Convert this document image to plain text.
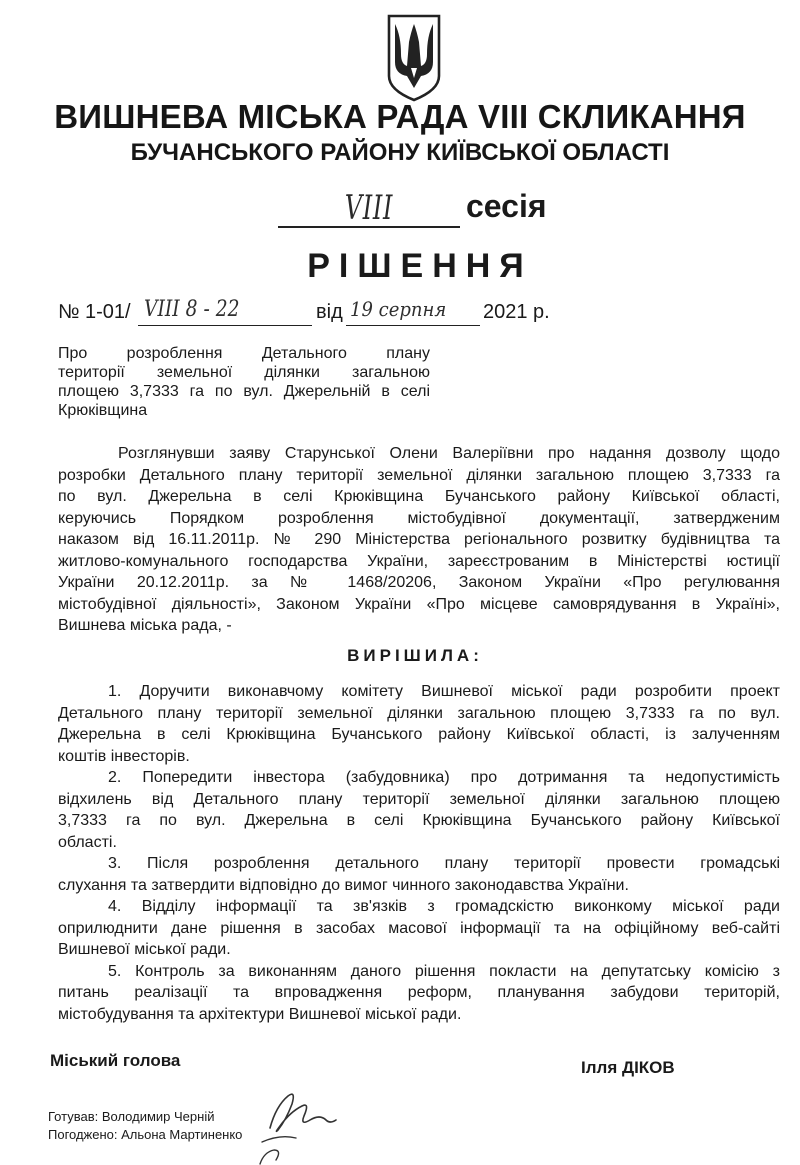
ВИШНЕВА МІСЬКА РАДА VIII СКЛИКАННЯ
БУЧАНСЬКОГО РАЙОНУ КИЇВСЬКОЇ ОБЛАСТІ
VIII сесія
РІШЕННЯ
№ 1-01/ VIII 8 - 22	від 19 серпня 2021 р.
Про розроблення Детального плану
території земельної ділянки загальною
площею 3,7333 га по вул. Джерельній в селі
Крюківщина
Розглянувши заяву Старунської Олени Валеріївни про надання дозволу щодо
розробки Детального плану території земельної ділянки загальною площею 3,7333 га
по вул. Джерельна в селі Крюківщина Бучанського району Київської області,
керуючись Порядком розроблення містобудівної документації, затвердженим
наказом від 16.11.2011р. № 290 Міністерства регіонального розвитку будівництва та
житлово-комунального господарства України, зареєстрованим в Міністерстві юстиції
України 20.12.2011р. за № 1468/20206, Законом України «Про регулювання
містобудівної діяльності», Законом України «Про місцеве самоврядування в Україні»,
Вишнева міська рада, -
ВИРІШИЛА:
1. Доручити виконавчому комітету Вишневої міської ради розробити проект
Детального плану території земельної ділянки загальною площею 3,7333 га по вул.
Джерельна в селі Крюківщина Бучанського району Київської області, із залученням
коштів інвесторів.
2. Попередити інвестора (забудовника) про дотримання та недопустимість
відхилень від Детального плану території земельної ділянки загальною площею
3,7333 га по вул. Джерельна в селі Крюківщина Бучанського району Київської
області.
3. Після розроблення детального плану території провести громадські
слухання та затвердити відповідно до вимог чинного законодавства України.
4. Відділу інформації та зв'язків з громадскістю виконкому міської ради
оприлюднити дане рішення в засобах масової інформації та на офіційному веб-сайті
Вишневої міської ради.
5. Контроль за виконанням даного рішення покласти на депутатську комісію з
питань реалізації та впровадження реформ, планування забудови територій,
містобудування та архітектури Вишневої міської ради.
Міський голова	Ілля ДІКОВ
Готував: Володимир Черній
Погоджено: Альона Мартиненко
